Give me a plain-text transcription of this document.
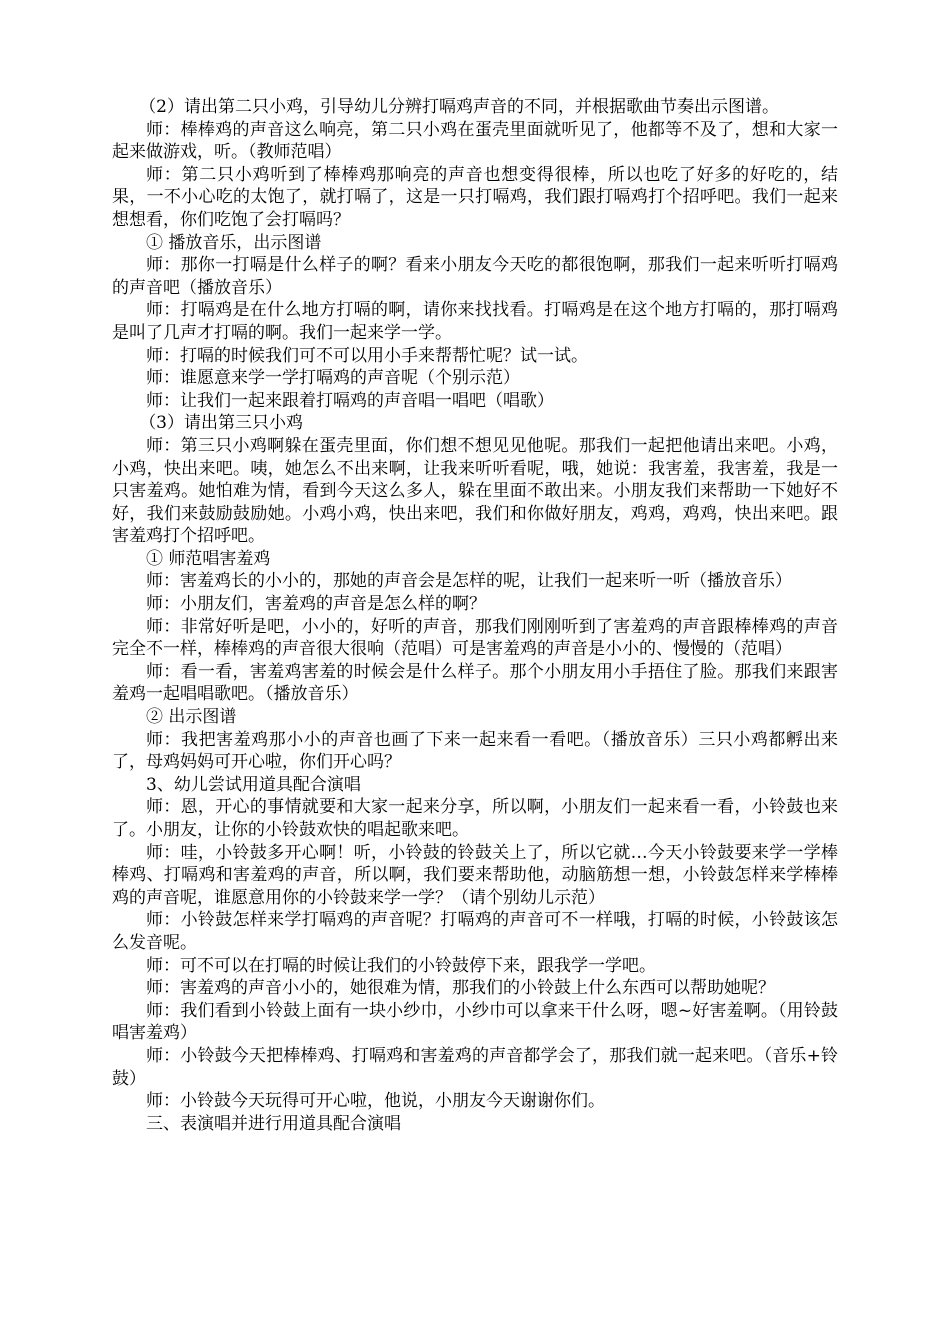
（2）请出第二只小鸡，引导幼儿分辨打嗝鸡声音的不同，并根据歌曲节奏出示图谱。

师：棒棒鸡的声音这么响亮，第二只小鸡在蛋壳里面就听见了，他都等不及了，想和大家一起来做游戏，听。（教师范唱）

师：第二只小鸡听到了棒棒鸡那响亮的声音也想变得很棒，所以也吃了好多的好吃的，结果，一不小心吃的太饱了，就打嗝了，这是一只打嗝鸡，我们跟打嗝鸡打个招呼吧。我们一起来想想看，你们吃饱了会打嗝吗？

① 播放音乐，出示图谱

师：那你一打嗝是什么样子的啊？看来小朋友今天吃的都很饱啊，那我们一起来听听打嗝鸡的声音吧（播放音乐）

师：打嗝鸡是在什么地方打嗝的啊，请你来找找看。打嗝鸡是在这个地方打嗝的，那打嗝鸡是叫了几声才打嗝的啊。我们一起来学一学。

师：打嗝的时候我们可不可以用小手来帮帮忙呢？试一试。

师：谁愿意来学一学打嗝鸡的声音呢（个别示范）

师：让我们一起来跟着打嗝鸡的声音唱一唱吧（唱歌）

（3）请出第三只小鸡

师：第三只小鸡啊躲在蛋壳里面，你们想不想见见他呢。那我们一起把他请出来吧。小鸡，小鸡，快出来吧。咦，她怎么不出来啊，让我来听听看呢，哦，她说：我害羞，我害羞，我是一只害羞鸡。她怕难为情，看到今天这么多人，躲在里面不敢出来。小朋友我们来帮助一下她好不好，我们来鼓励鼓励她。小鸡小鸡，快出来吧，我们和你做好朋友，鸡鸡，鸡鸡，快出来吧。跟害羞鸡打个招呼吧。

① 师范唱害羞鸡

师：害羞鸡长的小小的，那她的声音会是怎样的呢，让我们一起来听一听（播放音乐）

师：小朋友们，害羞鸡的声音是怎么样的啊？

师：非常好听是吧，小小的，好听的声音，那我们刚刚听到了害羞鸡的声音跟棒棒鸡的声音完全不一样，棒棒鸡的声音很大很响（范唱）可是害羞鸡的声音是小小的、慢慢的（范唱）

师：看一看，害羞鸡害羞的时候会是什么样子。那个小朋友用小手捂住了脸。那我们来跟害羞鸡一起唱唱歌吧。（播放音乐）

② 出示图谱

师：我把害羞鸡那小小的声音也画了下来一起来看一看吧。（播放音乐）三只小鸡都孵出来了，母鸡妈妈可开心啦，你们开心吗？

3、幼儿尝试用道具配合演唱

师：恩，开心的事情就要和大家一起来分享，所以啊，小朋友们一起来看一看，小铃鼓也来了。小朋友，让你的小铃鼓欢快的唱起歌来吧。

师：哇，小铃鼓多开心啊！听，小铃鼓的铃鼓关上了，所以它就…今天小铃鼓要来学一学棒棒鸡、打嗝鸡和害羞鸡的声音，所以啊，我们要来帮助他，动脑筋想一想，小铃鼓怎样来学棒棒鸡的声音呢，谁愿意用你的小铃鼓来学一学？（请个别幼儿示范）

师：小铃鼓怎样来学打嗝鸡的声音呢？打嗝鸡的声音可不一样哦，打嗝的时候，小铃鼓该怎么发音呢。

师：可不可以在打嗝的时候让我们的小铃鼓停下来，跟我学一学吧。

师：害羞鸡的声音小小的，她很难为情，那我们的小铃鼓上什么东西可以帮助她呢？

师：我们看到小铃鼓上面有一块小纱巾，小纱巾可以拿来干什么呀，嗯~好害羞啊。（用铃鼓唱害羞鸡）

师：小铃鼓今天把棒棒鸡、打嗝鸡和害羞鸡的声音都学会了，那我们就一起来吧。（音乐+铃鼓）

师：小铃鼓今天玩得可开心啦，他说，小朋友今天谢谢你们。

三、表演唱并进行用道具配合演唱
